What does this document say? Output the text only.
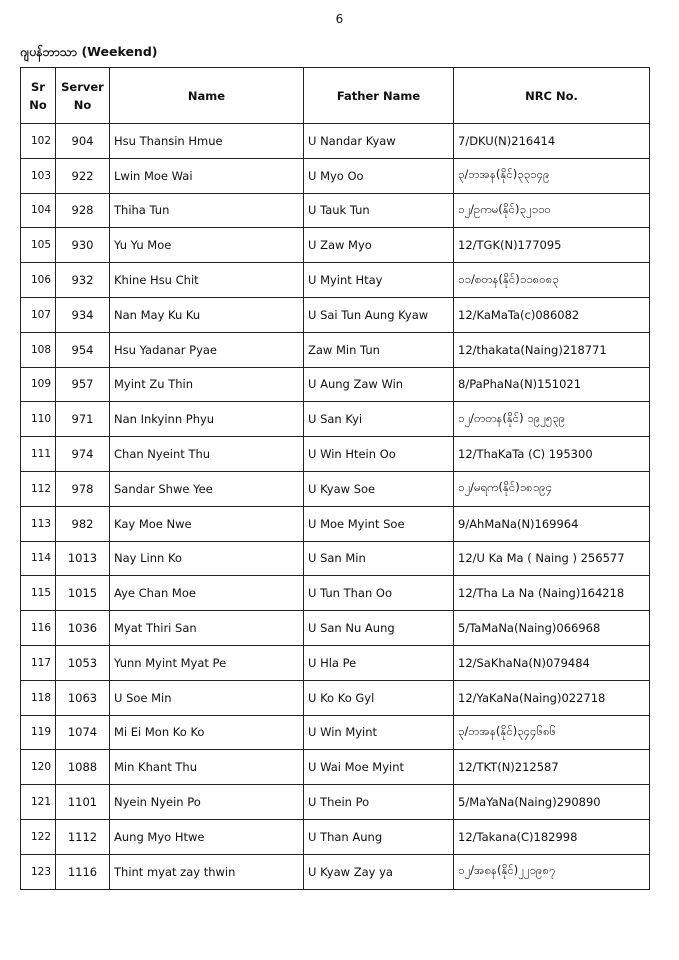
6
ဂျပန်ဘာသာ (Weekend)
Sr No	Server No	Name	Father Name	NRC No.
102	904	Hsu Thansin Hmue	U Nandar Kyaw	7/DKU(N)216414
103	922	Lwin Moe Wai	U Myo Oo	၃/ဘအန(နိုင်)၃၃၁၄၉
104	928	Thiha Tun	U Tauk Tun	၁၂/ဥကမ(နိုင်)၃၂၁၁၀
105	930	Yu Yu Moe	U Zaw Myo	12/TGK(N)177095
106	932	Khine Hsu Chit	U Myint Htay	၁၁/စတန(နိုင်)၁၁၈၀၈၃
107	934	Nan May Ku Ku	U Sai Tun Aung Kyaw	12/KaMaTa(c)086082
108	954	Hsu Yadanar Pyae	Zaw Min Tun	12/thakata(Naing)218771
109	957	Myint Zu Thin	U Aung Zaw Win	8/PaPhaNa(N)151021
110	971	Nan Inkyinn Phyu	U San Kyi	၁၂/တတန(နိုင်) ၁၉၂၅၃၉
111	974	Chan Nyeint Thu	U Win Htein Oo	12/ThaKaTa (C) 195300
112	978	Sandar Shwe Yee	U Kyaw Soe	၁၂/မရက(နိုင်)၁၈၁၉၄
113	982	Kay Moe Nwe	U Moe Myint Soe	9/AhMaNa(N)169964
114	1013	Nay Linn Ko	U San Min	12/U Ka Ma ( Naing ) 256577
115	1015	Aye Chan Moe	U Tun Than Oo	12/Tha La Na (Naing)164218
116	1036	Myat Thiri San	U San Nu Aung	5/TaMaNa(Naing)066968
117	1053	Yunn Myint Myat Pe	U Hla Pe	12/SaKhaNa(N)079484
118	1063	U Soe Min	U Ko Ko Gyl	12/YaKaNa(Naing)022718
119	1074	Mi Ei Mon Ko Ko	U Win Myint	၃/ဘအန(နိုင်)၃၄၄၆၈၆
120	1088	Min Khant Thu	U Wai Moe Myint	12/TKT(N)212587
121	1101	Nyein Nyein Po	U Thein Po	5/MaYaNa(Naing)290890
122	1112	Aung Myo Htwe	U Than Aung	12/Takana(C)182998
123	1116	Thint myat zay thwin	U Kyaw Zay ya	၁၂/အစန(နိုင်)၂၂၁၉၈၇
